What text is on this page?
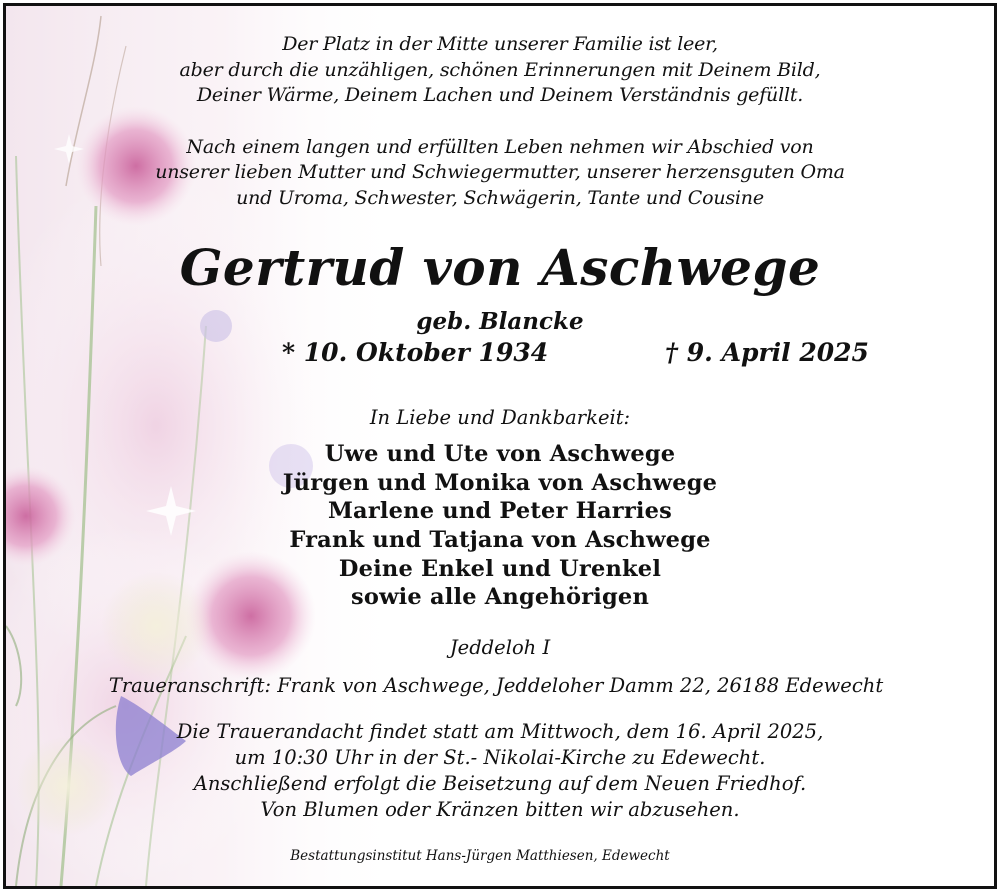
Der Platz in der Mitte unserer Familie ist leer,
aber durch die unzähligen, schönen Erinnerungen mit Deinem Bild,
Deiner Wärme, Deinem Lachen und Deinem Verständnis gefüllt.
Nach einem langen und erfüllten Leben nehmen wir Abschied von
unserer lieben Mutter und Schwiegermutter, unserer herzensguten Oma
und Uroma, Schwester, Schwägerin, Tante und Cousine
Gertrud von Aschwege
geb. Blancke
* 10. Oktober 1934	† 9. April 2025
In Liebe und Dankbarkeit:
Uwe und Ute von Aschwege
Jürgen und Monika von Aschwege
Marlene und Peter Harries
Frank und Tatjana von Aschwege
Deine Enkel und Urenkel
sowie alle Angehörigen
Jeddeloh I
Traueranschrift: Frank von Aschwege, Jeddeloher Damm 22, 26188 Edewecht
Die Trauerandacht findet statt am Mittwoch, dem 16. April 2025,
um 10:30 Uhr in der St.- Nikolai-Kirche zu Edewecht.
Anschließend erfolgt die Beisetzung auf dem Neuen Friedhof.
Von Blumen oder Kränzen bitten wir abzusehen.
Bestattungsinstitut Hans-Jürgen Matthiesen, Edewecht
